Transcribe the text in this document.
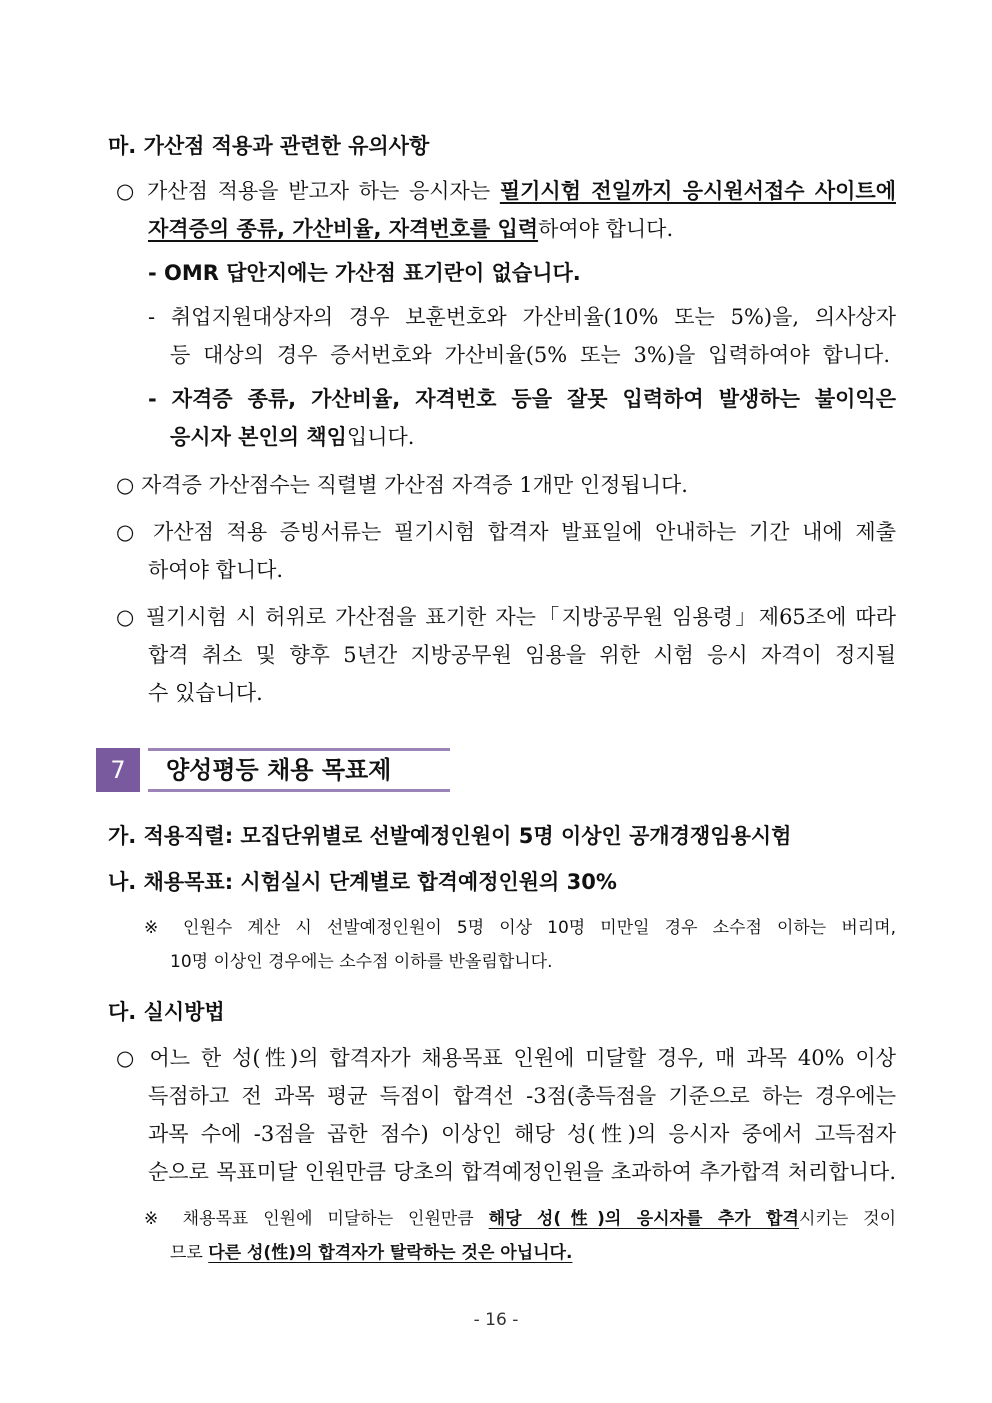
마. 가산점 적용과 관련한 유의사항
○ 가산점 적용을 받고자 하는 응시자는 필기시험 전일까지 응시원서접수 사이트에
자격증의 종류, 가산비율, 자격번호를 입력하여야 합니다.
- OMR 답안지에는 가산점 표기란이 없습니다.
- 취업지원대상자의 경우 보훈번호와 가산비율(10% 또는 5%)을, 의사상자
등 대상의 경우 증서번호와 가산비율(5% 또는 3%)을 입력하여야 합니다.
- 자격증 종류, 가산비율, 자격번호 등을 잘못 입력하여 발생하는 불이익은
응시자 본인의 책임입니다.
○ 자격증 가산점수는 직렬별 가산점 자격증 1개만 인정됩니다.
○ 가산점 적용 증빙서류는 필기시험 합격자 발표일에 안내하는 기간 내에 제출
하여야 합니다.
○ 필기시험 시 허위로 가산점을 표기한 자는「지방공무원 임용령」제65조에 따라
합격 취소 및 향후 5년간 지방공무원 임용을 위한 시험 응시 자격이 정지될
수 있습니다.
7	양성평등 채용 목표제
가. 적용직렬: 모집단위별로 선발예정인원이 5명 이상인 공개경쟁임용시험
나. 채용목표: 시험실시 단계별로 합격예정인원의 30%
※ 인원수 계산 시 선발예정인원이 5명 이상 10명 미만일 경우 소수점 이하는 버리며,
10명 이상인 경우에는 소수점 이하를 반올림합니다.
다. 실시방법
○ 어느 한 성(性)의 합격자가 채용목표 인원에 미달할 경우, 매 과목 40% 이상
득점하고 전 과목 평균 득점이 합격선 -3점(총득점을 기준으로 하는 경우에는
과목 수에 -3점을 곱한 점수) 이상인 해당 성(性)의 응시자 중에서 고득점자
순으로 목표미달 인원만큼 당초의 합격예정인원을 초과하여 추가합격 처리합니다.
※ 채용목표 인원에 미달하는 인원만큼 해당 성(性)의 응시자를 추가 합격시키는 것이
므로 다른 성(性)의 합격자가 탈락하는 것은 아닙니다.
- 16 -
